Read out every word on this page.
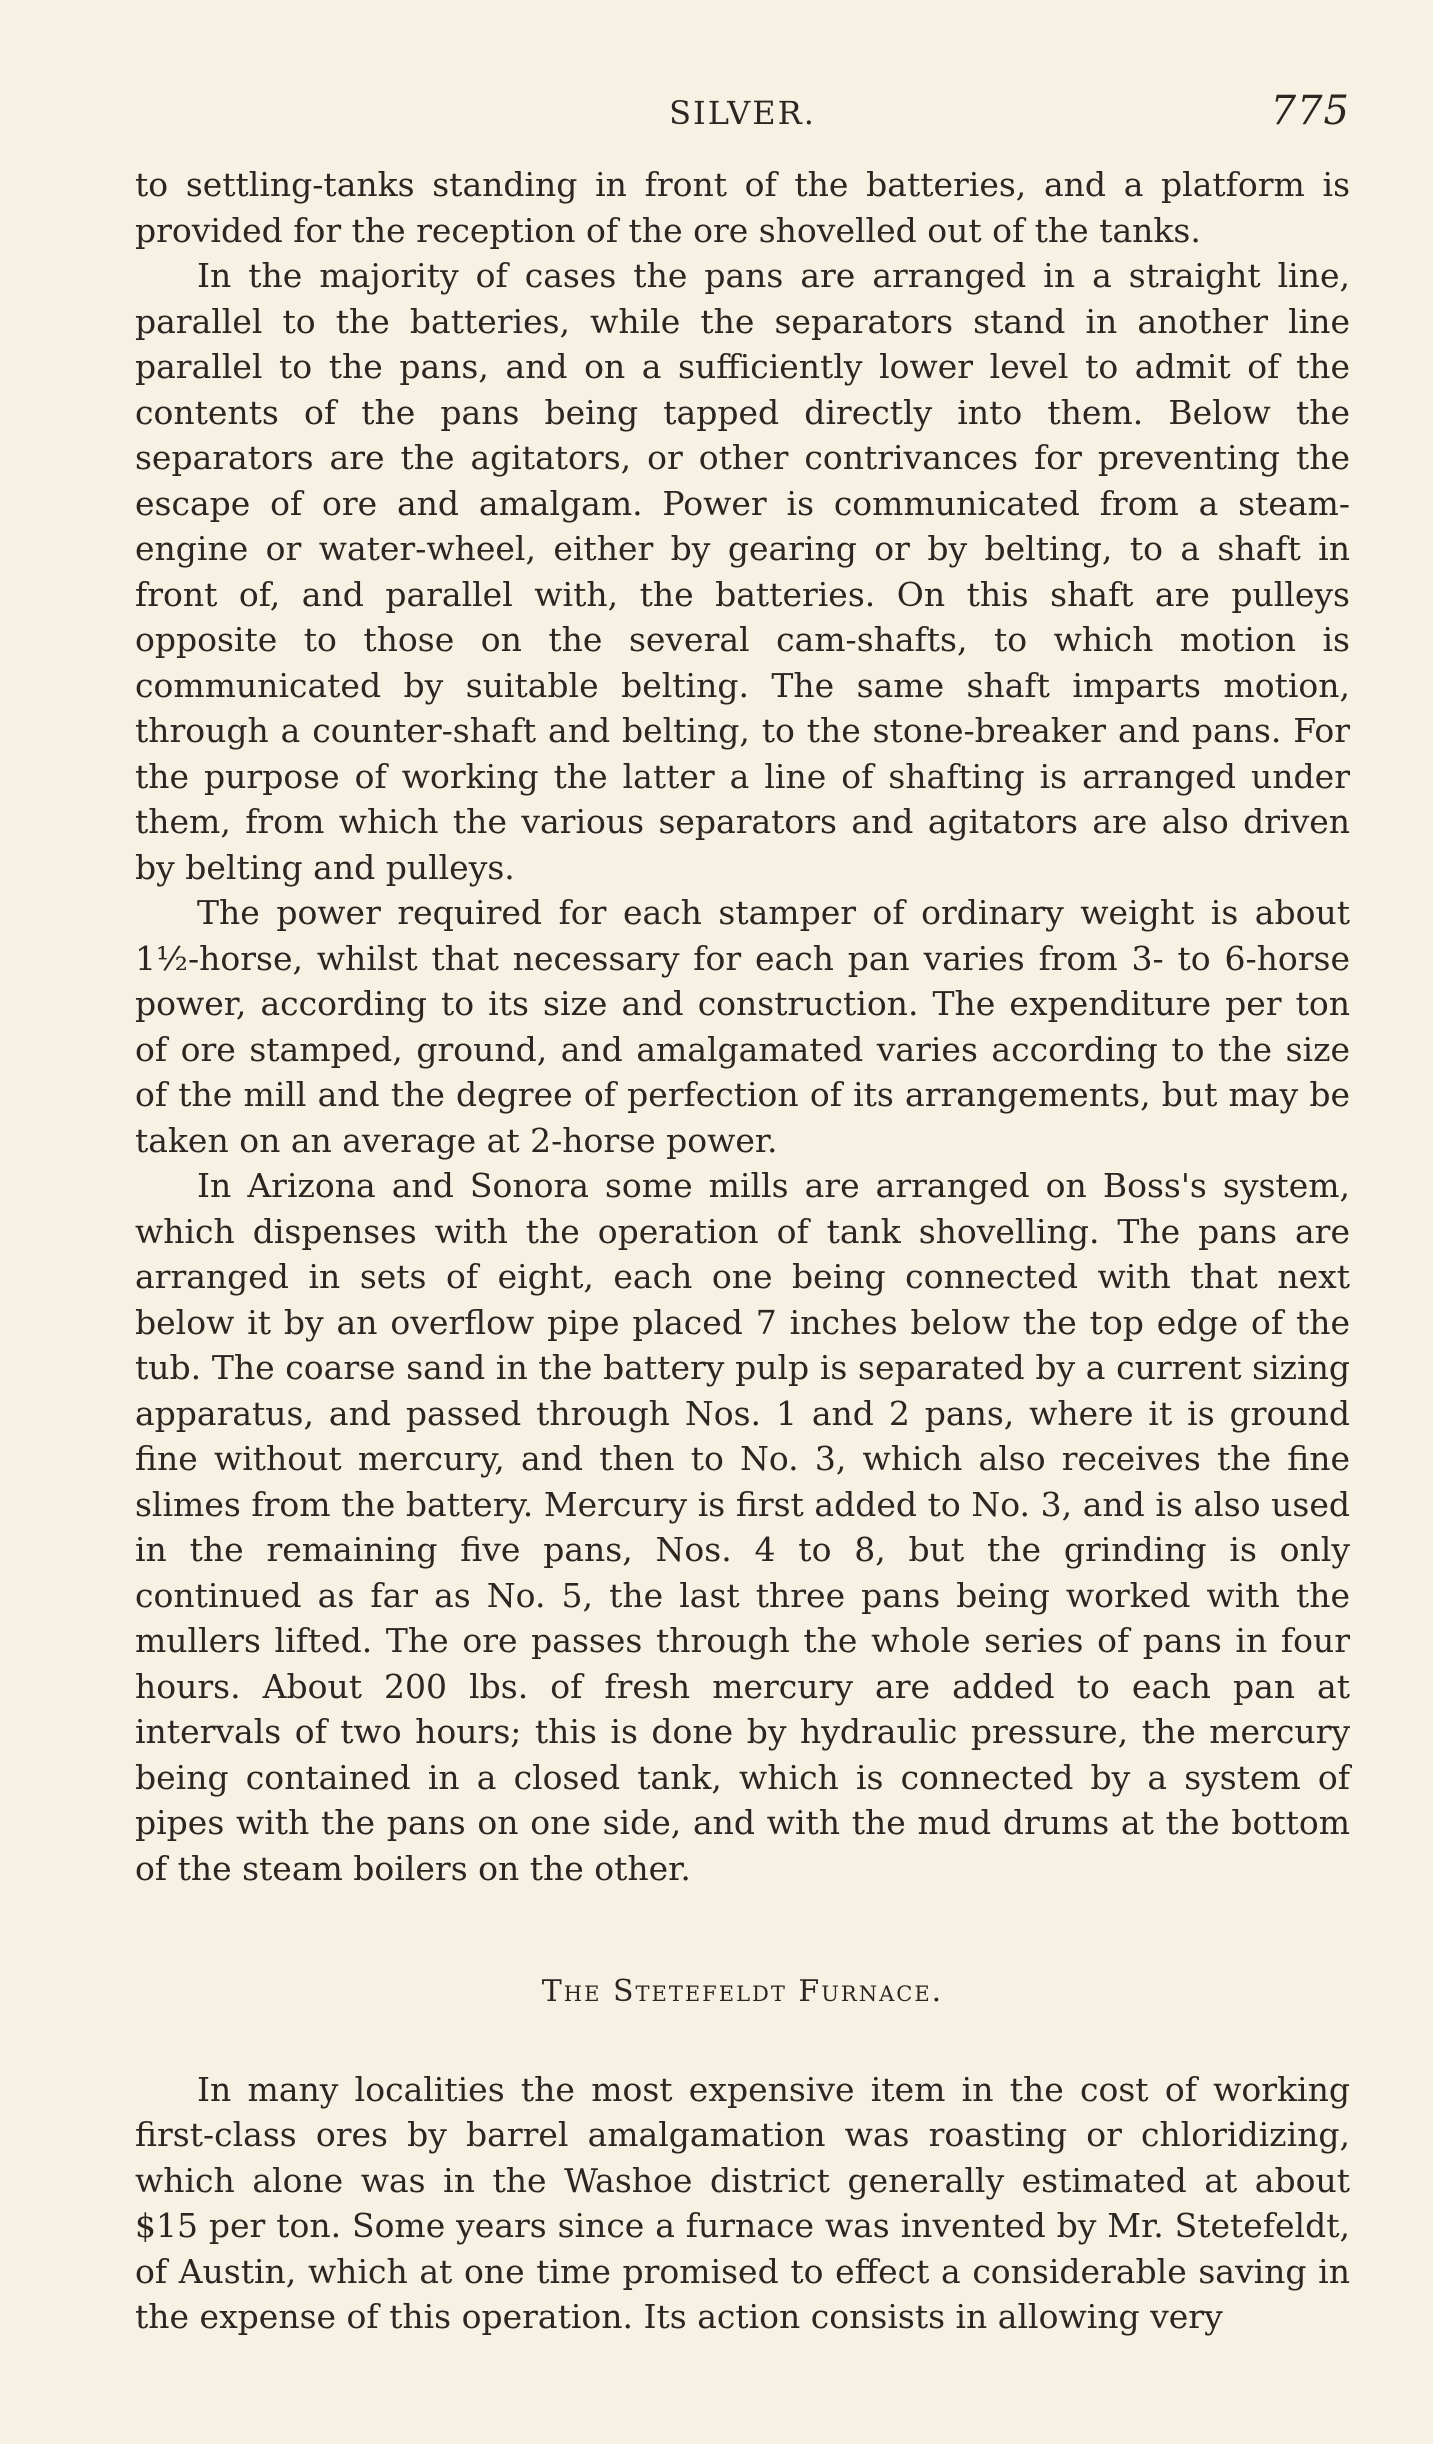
SILVER.	775

to settling-tanks standing in front of the batteries, and a platform is provided for the reception of the ore shovelled out of the tanks.

In the majority of cases the pans are arranged in a straight line, parallel to the batteries, while the separators stand in another line parallel to the pans, and on a sufficiently lower level to admit of the contents of the pans being tapped directly into them. Below the separators are the agitators, or other contrivances for preventing the escape of ore and amalgam. Power is communicated from a steam-engine or water-wheel, either by gearing or by belting, to a shaft in front of, and parallel with, the batteries. On this shaft are pulleys opposite to those on the several cam-shafts, to which motion is communicated by suitable belting. The same shaft imparts motion, through a counter-shaft and belting, to the stone-breaker and pans. For the purpose of working the latter a line of shafting is arranged under them, from which the various separators and agitators are also driven by belting and pulleys.

The power required for each stamper of ordinary weight is about 1½-horse, whilst that necessary for each pan varies from 3- to 6-horse power, according to its size and construction. The expenditure per ton of ore stamped, ground, and amalgamated varies according to the size of the mill and the degree of perfection of its arrangements, but may be taken on an average at 2-horse power.

In Arizona and Sonora some mills are arranged on Boss's system, which dispenses with the operation of tank shovelling. The pans are arranged in sets of eight, each one being connected with that next below it by an overflow pipe placed 7 inches below the top edge of the tub. The coarse sand in the battery pulp is separated by a current sizing apparatus, and passed through Nos. 1 and 2 pans, where it is ground fine without mercury, and then to No. 3, which also receives the fine slimes from the battery. Mercury is first added to No. 3, and is also used in the remaining five pans, Nos. 4 to 8, but the grinding is only continued as far as No. 5, the last three pans being worked with the mullers lifted. The ore passes through the whole series of pans in four hours. About 200 lbs. of fresh mercury are added to each pan at intervals of two hours; this is done by hydraulic pressure, the mercury being contained in a closed tank, which is connected by a system of pipes with the pans on one side, and with the mud drums at the bottom of the steam boilers on the other.

The Stetefeldt Furnace.

In many localities the most expensive item in the cost of working first-class ores by barrel amalgamation was roasting or chloridizing, which alone was in the Washoe district generally estimated at about $15 per ton. Some years since a furnace was invented by Mr. Stetefeldt, of Austin, which at one time promised to effect a considerable saving in the expense of this operation. Its action consists in allowing very
